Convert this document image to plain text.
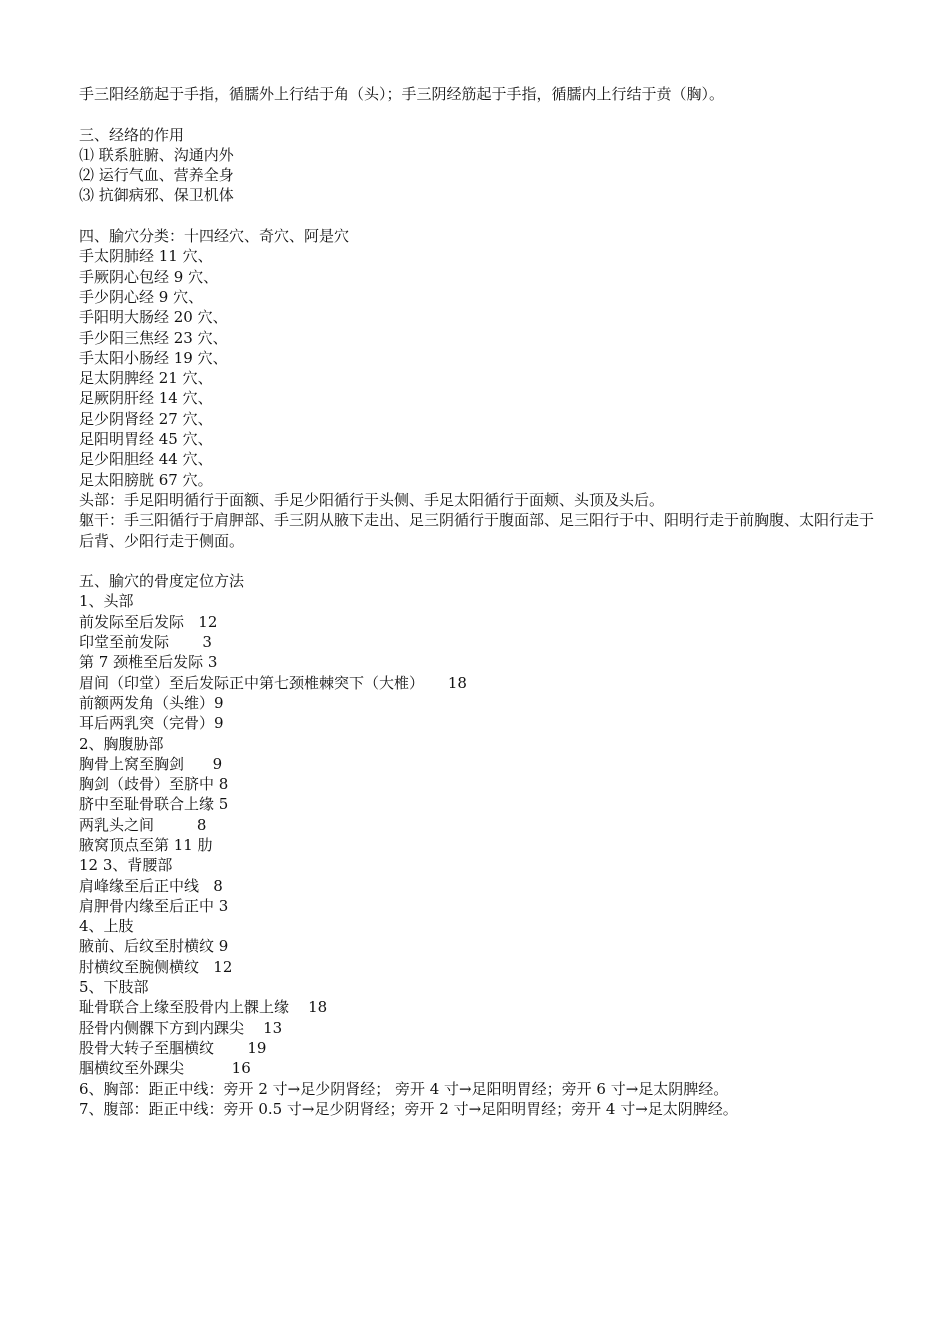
手三阳经筋起于手指，循臑外上行结于角（头）；手三阴经筋起于手指，循臑内上行结于贲（胸）。
三、经络的作用
⑴ 联系脏腑、沟通内外
⑵ 运行气血、营养全身
⑶ 抗御病邪、保卫机体
四、腧穴分类：十四经穴、奇穴、阿是穴
手太阴肺经 11 穴、
手厥阴心包经 9 穴、
手少阴心经 9 穴、
手阳明大肠经 20 穴、
手少阳三焦经 23 穴、
手太阳小肠经 19 穴、
足太阴脾经 21 穴、
足厥阴肝经 14 穴、
足少阴肾经 27 穴、
足阳明胃经 45 穴、
足少阳胆经 44 穴、
足太阳膀胱 67 穴。
头部：手足阳明循行于面额、手足少阳循行于头侧、手足太阳循行于面颊、头顶及头后。
躯干：手三阳循行于肩胛部、手三阴从腋下走出、足三阴循行于腹面部、足三阳行于中、阳明行走于前胸腹、太阳行走于后背、少阳行走于侧面。
五、腧穴的骨度定位方法
1、头部
前发际至后发际   12
印堂至前发际       3
第 7 颈椎至后发际 3
眉间（印堂）至后发际正中第七颈椎棘突下（大椎）     18
前额两发角（头维）9
耳后两乳突（完骨）9
2、胸腹胁部
胸骨上窝至胸剑      9
胸剑（歧骨）至脐中 8
脐中至耻骨联合上缘 5
两乳头之间         8
腋窝顶点至第 11 肋
12 3、背腰部
肩峰缘至后正中线   8
肩胛骨内缘至后正中 3
4、上肢
腋前、后纹至肘横纹 9
肘横纹至腕侧横纹   12
5、下肢部
耻骨联合上缘至股骨内上髁上缘    18
胫骨内侧髁下方到内踝尖    13
股骨大转子至腘横纹       19
腘横纹至外踝尖          16
6、胸部：距正中线：旁开 2 寸→足少阴肾经； 旁开 4 寸→足阳明胃经；旁开 6 寸→足太阴脾经。
7、腹部：距正中线：旁开 0.5 寸→足少阴肾经；旁开 2 寸→足阳明胃经；旁开 4 寸→足太阴脾经。
